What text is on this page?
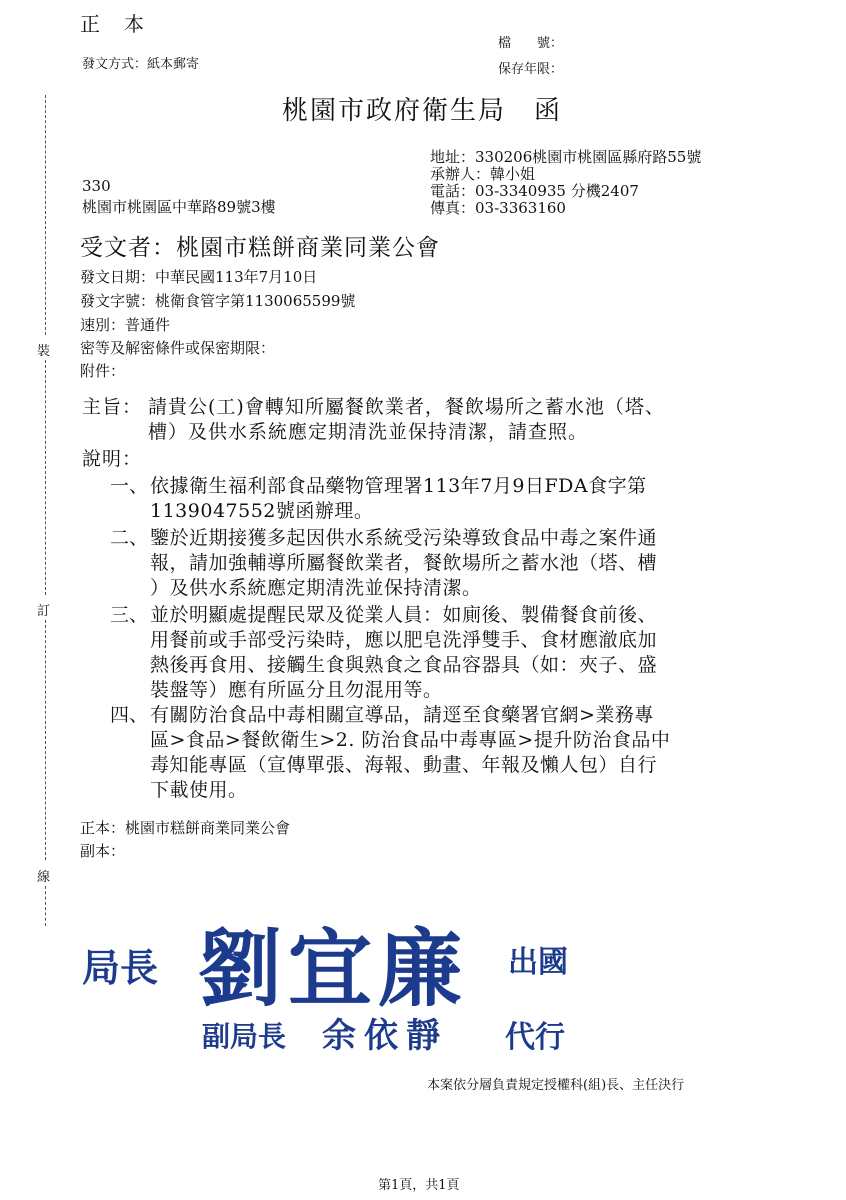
裝
訂
線
正　本
檔　　號：
保存年限：
發文方式：紙本郵寄
桃園市政府衛生局　函
地址：330206桃園市桃園區縣府路55號
承辦人：韓小姐
電話：03-3340935 分機2407
傳真：03-3363160
330
桃園市桃園區中華路89號3樓
受文者：桃園市糕餅商業同業公會
發文日期：中華民國113年7月10日
發文字號：桃衛食管字第1130065599號
速別：普通件
密等及解密條件或保密期限：
附件：
主旨： 請貴公(工)會轉知所屬餐飲業者，餐飲場所之蓄水池（塔、
槽）及供水系統應定期清洗並保持清潔，請查照。
說明：
一、 依據衛生福利部食品藥物管理署113年7月9日FDA食字第
1139047552號函辦理。
二、 鑒於近期接獲多起因供水系統受污染導致食品中毒之案件通
報，請加強輔導所屬餐飲業者，餐飲場所之蓄水池（塔、槽
）及供水系統應定期清洗並保持清潔。
三、 並於明顯處提醒民眾及從業人員：如廁後、製備餐食前後、
用餐前或手部受污染時，應以肥皂洗淨雙手、食材應澈底加
熱後再食用、接觸生食與熟食之食品容器具（如：夾子、盛
裝盤等）應有所區分且勿混用等。
四、 有關防治食品中毒相關宣導品，請逕至食藥署官網>業務專
區>食品>餐飲衛生>2. 防治食品中毒專區>提升防治食品中
毒知能專區（宣傳單張、海報、動畫、年報及懶人包）自行
下載使用。
正本：桃園市糕餅商業同業公會
副本：
局長 劉宜廉 出國
副局長 余依靜 代行
本案依分層負責規定授權科(組)長、主任決行
第1頁，共1頁
